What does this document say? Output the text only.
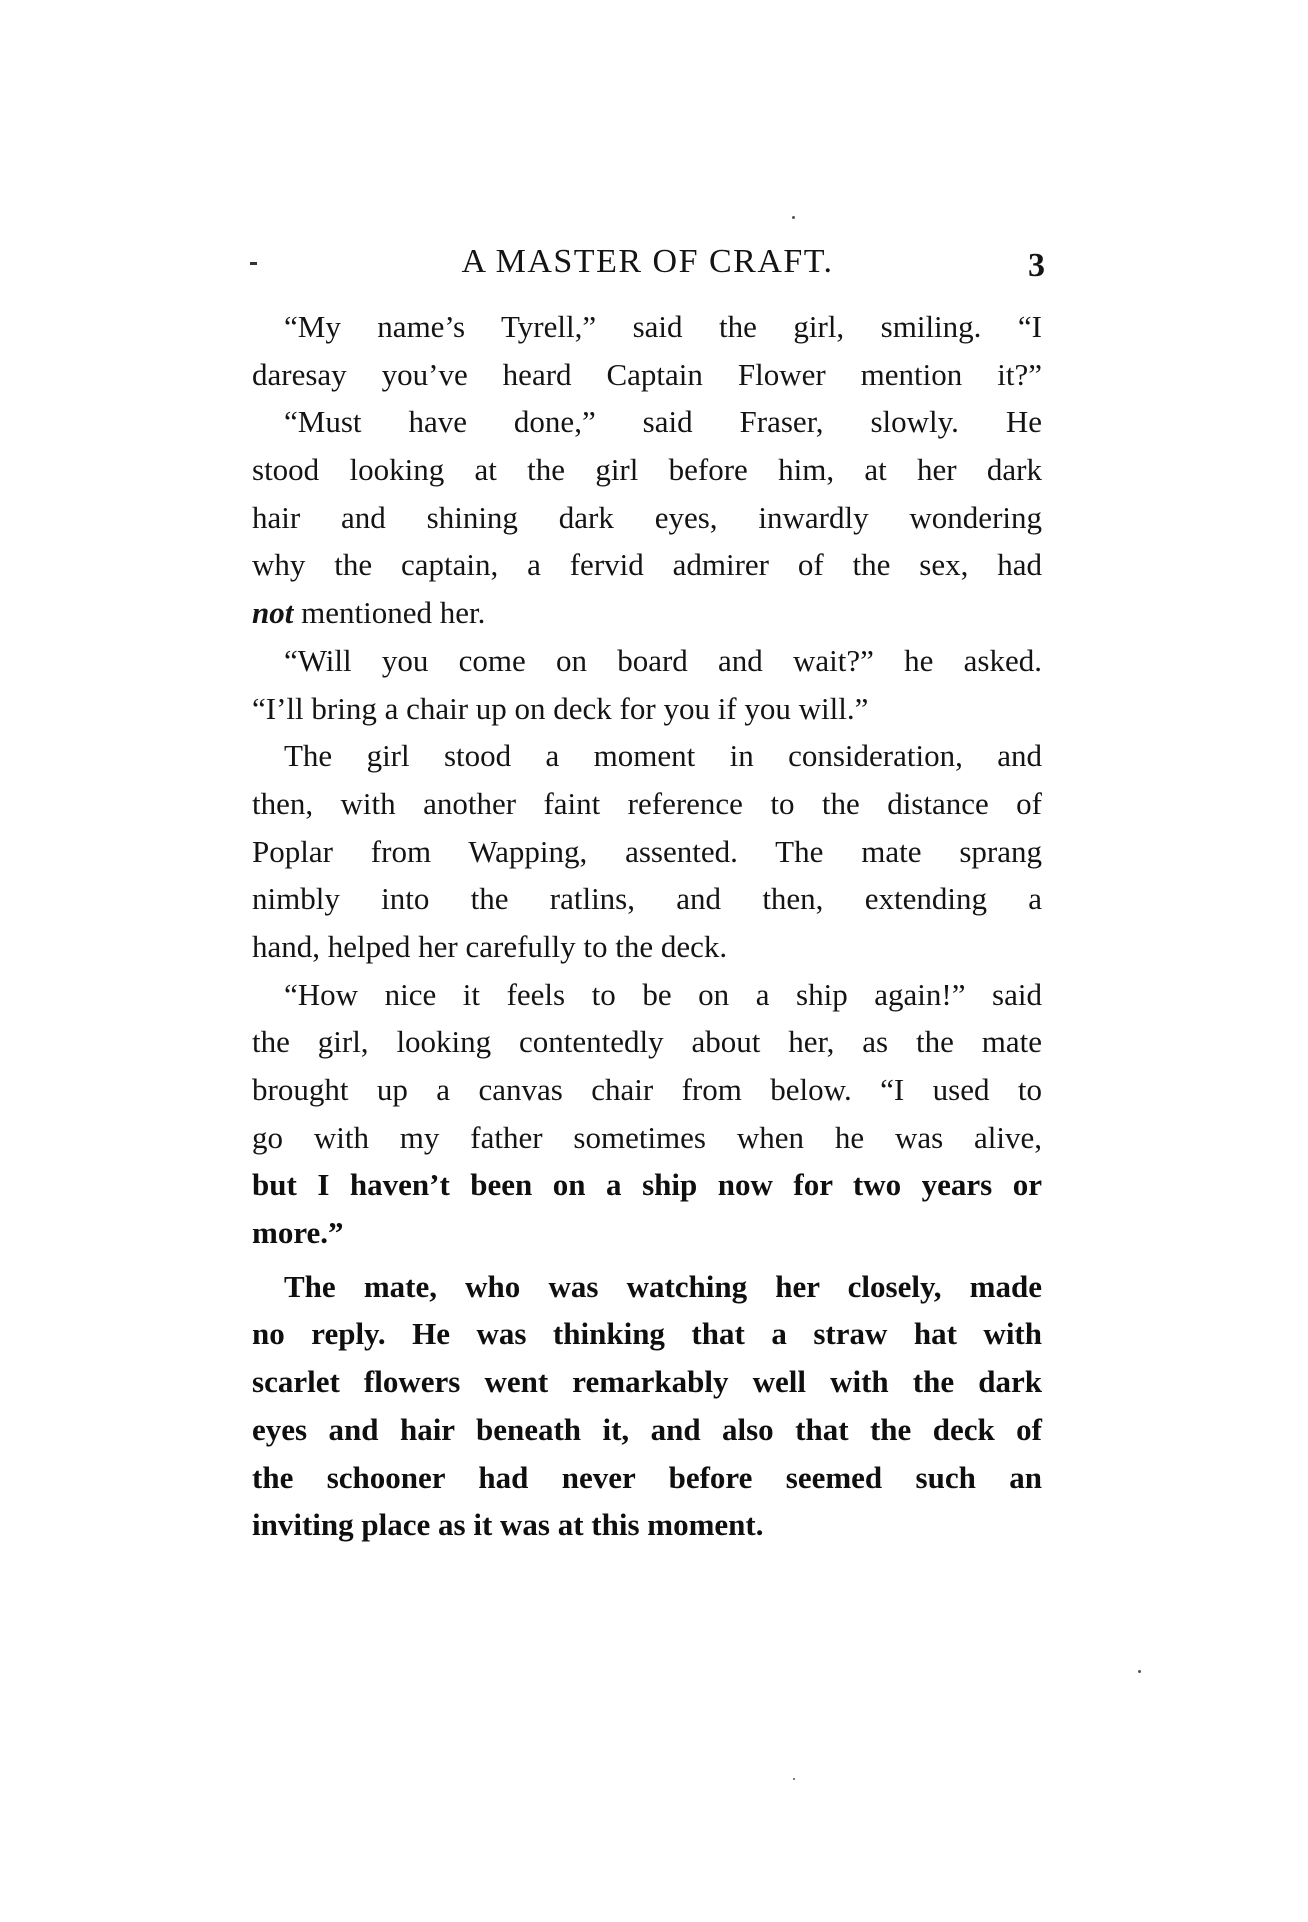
A MASTER OF CRAFT.	3
“My name’s Tyrell,” said the girl, smiling. “I
daresay you’ve heard Captain Flower mention it?”
“Must have done,” said Fraser, slowly. He
stood looking at the girl before him, at her dark
hair and shining dark eyes, inwardly wondering
why the captain, a fervid admirer of the sex, had
not mentioned her.
“Will you come on board and wait?” he asked.
“I’ll bring a chair up on deck for you if you will.”
The girl stood a moment in consideration, and
then, with another faint reference to the distance of
Poplar from Wapping, assented. The mate sprang
nimbly into the ratlins, and then, extending a
hand, helped her carefully to the deck.
“How nice it feels to be on a ship again!” said
the girl, looking contentedly about her, as the mate
brought up a canvas chair from below. “I used to
go with my father sometimes when he was alive,
but I haven’t been on a ship now for two years or
more.”
The mate, who was watching her closely, made
no reply. He was thinking that a straw hat with
scarlet flowers went remarkably well with the dark
eyes and hair beneath it, and also that the deck of
the schooner had never before seemed such an
inviting place as it was at this moment.
